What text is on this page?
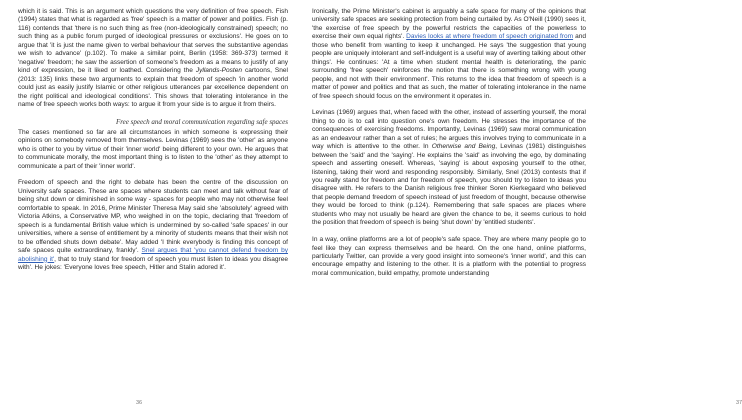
which it is said. This is an argument which questions the very definition of free speech. Fish (1994) states that what is regarded as 'free' speech is a matter of power and politics. Fish (p. 116) contends that 'there is no such thing as free (non-ideologically constrained) speech; no such thing as a public forum purged of ideological pressures or exclusions'. He goes on to argue that 'it is just the name given to verbal behaviour that serves the substantive agendas we wish to advance' (p.102). To make a similar point, Berlin (1958: 369-373) termed it 'negative' freedom; he saw the assertion of someone's freedom as a means to justify of any kind of expression, be it liked or loathed. Considering the Jyllands-Posten cartoons, Snel (2013: 135) links these two arguments to explain that freedom of speech 'in another world could just as easily justify Islamic or other religious utterances par excellence dependent on the right political and ideological conditions'. This shows that tolerating intolerance in the name of free speech works both ways: to argue it from your side is to argue it from theirs.

Free speech and moral communication regarding safe spaces

The cases mentioned so far are all circumstances in which someone is expressing their opinions on somebody removed from themselves. Levinas (1969) sees the 'other' as anyone who is other to you by virtue of their 'inner world' being different to your own. He argues that to communicate morally, the most important thing is to listen to the 'other' as they attempt to communicate a part of their 'inner world'.

Freedom of speech and the right to debate has been the centre of the discussion on University safe spaces. These are spaces where students can meet and talk without fear of being shut down or diminished in some way - spaces for people who may not otherwise feel comfortable to speak. In 2016, Prime Minister Theresa May said she 'absolutely' agreed with Victoria Atkins, a Conservative MP, who weighed in on the topic, declaring that 'freedom of speech is a fundamental British value which is undermined by so-called 'safe spaces' in our universities, where a sense of entitlement by a minority of students means that their wish not to be offended shuts down debate'. May added 'I think everybody is finding this concept of safe spaces quite extraordinary, frankly'. Snel argues that 'you cannot defend freedom by abolishing it', that to truly stand for freedom of speech you must listen to ideas you disagree with'. He jokes: 'Everyone loves free speech, Hitler and Stalin adored it'.

36

Ironically, the Prime Minister's cabinet is arguably a safe space for many of the opinions that university safe spaces are seeking protection from being curtailed by. As O'Neill (1990) sees it, 'the exercise of free speech by the powerful restricts the capacities of the powerless to exercise their own equal rights'. Davies looks at where freedom of speech originated from and those who benefit from wanting to keep it unchanged. He says 'the suggestion that young people are uniquely intolerant and self-indulgent is a useful way of averting talking about other things'. He continues: 'At a time when student mental health is deteriorating, the panic surrounding 'free speech' reinforces the notion that there is something wrong with young people, and not with their environment'. This returns to the idea that freedom of speech is a matter of power and politics and that as such, the matter of tolerating intolerance in the name of free speech should focus on the environment it operates in.

Levinas (1969) argues that, when faced with the other, instead of asserting yourself, the moral thing to do is to call into question one's own freedom. He stresses the importance of the consequences of exercising freedoms. Importantly, Levinas (1969) saw moral communication as an endeavour rather than a set of rules; he argues this involves trying to communicate in a way which is attentive to the other. In Otherwise and Being, Levinas (1981) distinguishes between the 'said' and the 'saying'. He explains the 'said' as involving the ego, by dominating speech and asserting oneself. Whereas, 'saying' is about exposing yourself to the other, listening, taking their word and responding responsibly. Similarly, Snel (2013) contests that if you really stand for freedom and for freedom of speech, you should try to listen to ideas you disagree with. He refers to the Danish religious free thinker Soren Kierkegaard who believed that people demand freedom of speech instead of just freedom of thought, because otherwise they would be forced to think (p.124). Remembering that safe spaces are places where students who may not usually be heard are given the chance to be, it seems curious to hold the position that freedom of speech is being 'shut down' by 'entitled students'.

In a way, online platforms are a lot of people's safe space. They are where many people go to feel like they can express themselves and be heard. On the one hand, online platforms, particularly Twitter, can provide a very good insight into someone's 'inner world', and this can encourage empathy and listening to the other. It is a platform with the potential to progress moral communication, build empathy, promote understanding

37
